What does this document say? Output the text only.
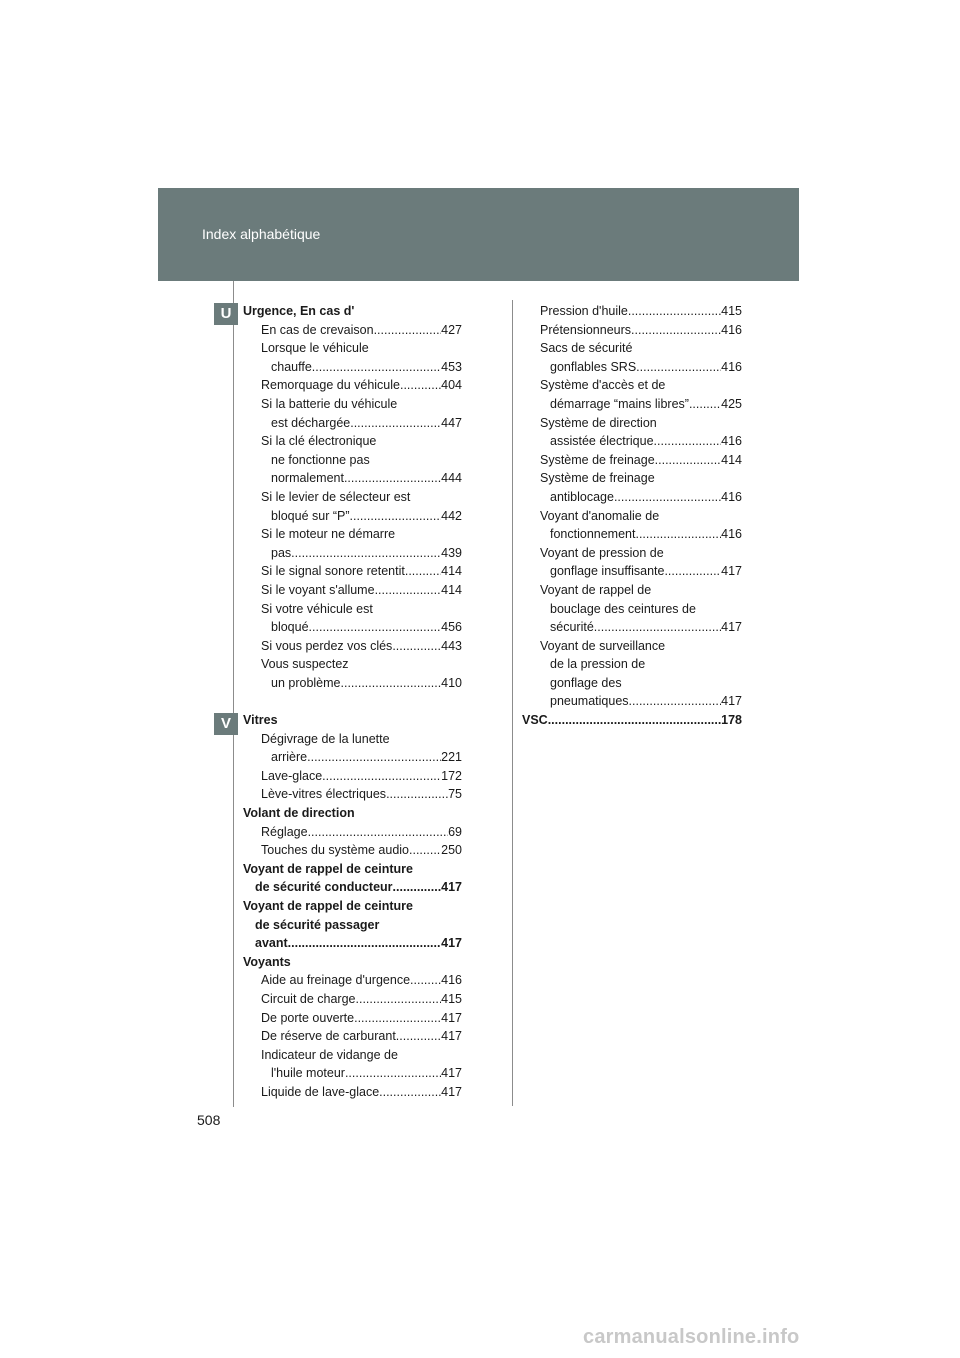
Index alphabétique
U
V
Urgence, En cas d'
En cas de crevaison .....	427
Lorsque le véhicule
chauffe .....	453
Remorquage du véhicule .....	404
Si la batterie du véhicule
est déchargée .....	447
Si la clé électronique
ne fonctionne pas
normalement .....	444
Si le levier de sélecteur est
bloqué sur “P” .....	442
Si le moteur ne démarre
pas .....	439
Si le signal sonore retentit .....	414
Si le voyant s'allume .....	414
Si votre véhicule est
bloqué .....	456
Si vous perdez vos clés .....	443
Vous suspectez
un problème .....	410
Vitres
Dégivrage de la lunette
arrière .....	221
Lave-glace .....	172
Lève-vitres électriques .....	75
Volant de direction
Réglage .....	69
Touches du système audio .....	250
Voyant de rappel de ceinture
de sécurité conducteur .....	417
Voyant de rappel de ceinture
de sécurité passager
avant .....	417
Voyants
Aide au freinage d'urgence ..... 416
Circuit de charge .....	415
De porte ouverte .....	417
De réserve de carburant .....	417
Indicateur de vidange de
l'huile moteur .....	417
Liquide de lave-glace .....	417
Pression d'huile .....	415
Prétensionneurs .....	416
Sacs de sécurité
gonflables SRS .....	416
Système d'accès et de
démarrage “mains libres” .....	425
Système de direction
assistée électrique .....	416
Système de freinage .....	414
Système de freinage
antiblocage .....	416
Voyant d'anomalie de
fonctionnement .....	416
Voyant de pression de
gonflage insuffisante .....	417
Voyant de rappel de
bouclage des ceintures de
sécurité .....	417
Voyant de surveillance
de la pression de
gonflage des
pneumatiques .....	417
VSC .....	178
508
carmanualsonline.info
